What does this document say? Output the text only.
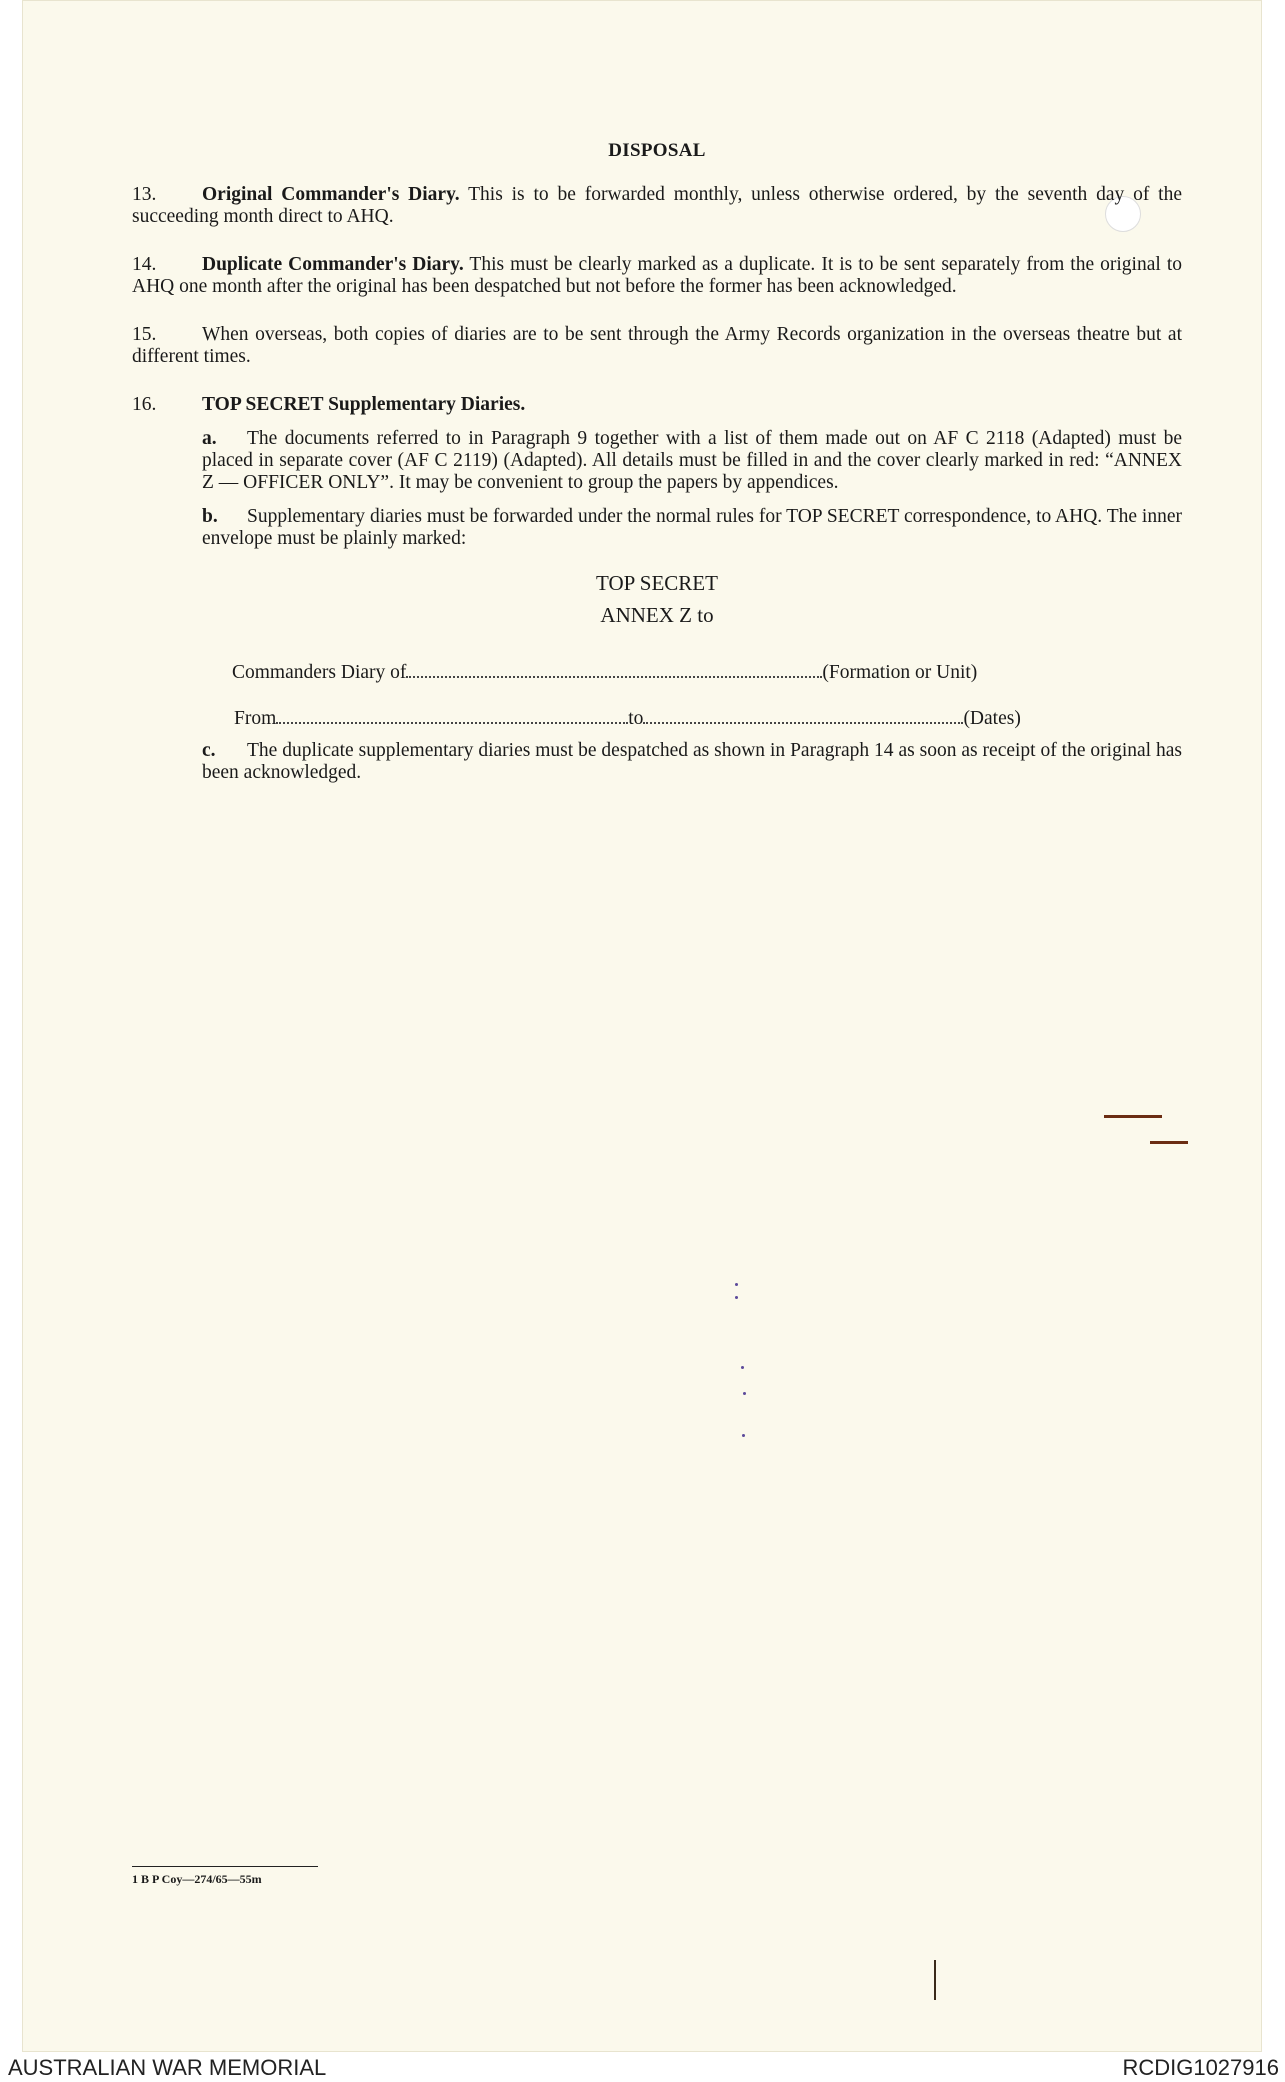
DISPOSAL
13. Original Commander's Diary. This is to be forwarded monthly, unless otherwise ordered, by the seventh day of the succeeding month direct to AHQ.
14. Duplicate Commander's Diary. This must be clearly marked as a duplicate. It is to be sent separately from the original to AHQ one month after the original has been despatched but not before the former has been acknowledged.
15. When overseas, both copies of diaries are to be sent through the Army Records organization in the overseas theatre but at different times.
16. TOP SECRET Supplementary Diaries.
a. The documents referred to in Paragraph 9 together with a list of them made out on AF C 2118 (Adapted) must be placed in separate cover (AF C 2119) (Adapted). All details must be filled in and the cover clearly marked in red: “ANNEX Z — OFFICER ONLY”. It may be convenient to group the papers by appendices.
b. Supplementary diaries must be forwarded under the normal rules for TOP SECRET correspondence, to AHQ. The inner envelope must be plainly marked:
TOP SECRET
ANNEX Z to
Commanders Diary of	(Formation or Unit)
From	to	(Dates)
c. The duplicate supplementary diaries must be despatched as shown in Paragraph 14 as soon as receipt of the original has been acknowledged.
1 B P Coy—274/65—55m
AUSTRALIAN WAR MEMORIAL	RCDIG1027916
